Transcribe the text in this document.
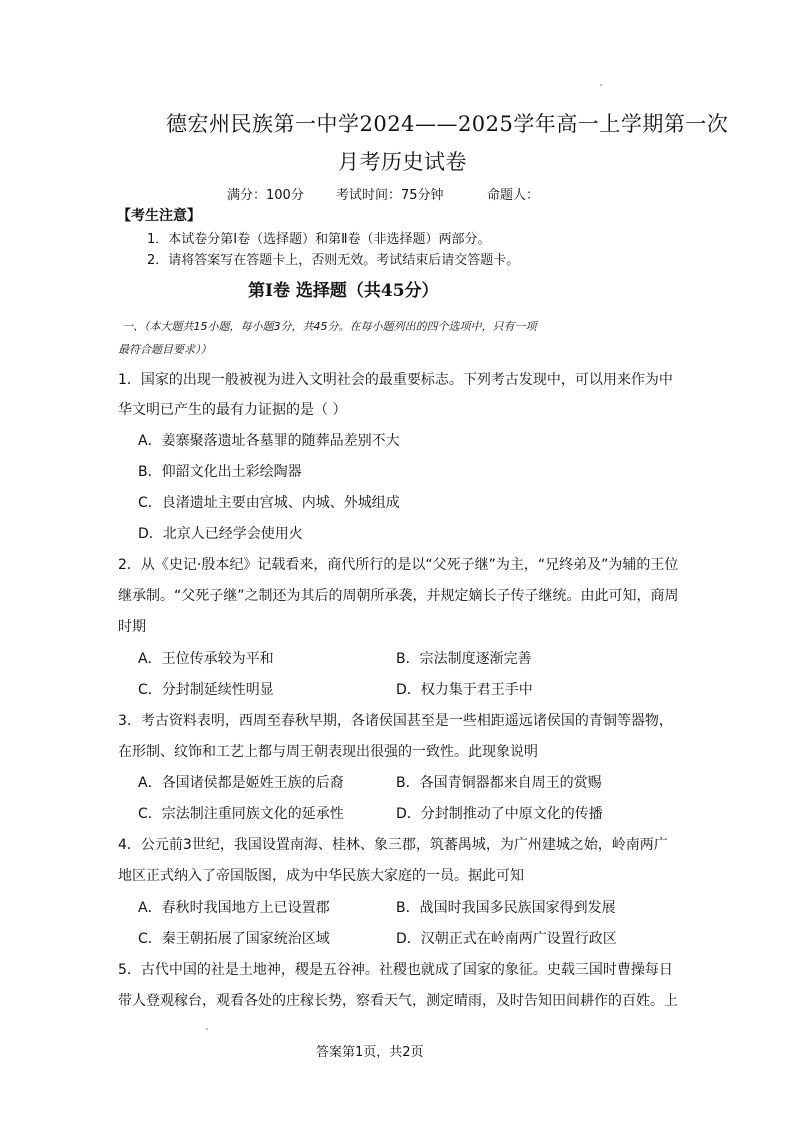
德宏州民族第一中学2024——2025学年高一上学期第一次
月考历史试卷
满分：100分 考试时间：75分钟	命题人：
【考生注意】
1．本试卷分第Ⅰ卷（选择题）和第Ⅱ卷（非选择题）两部分。
2．请将答案写在答题卡上，否则无效。考试结束后请交答题卡。
第Ⅰ卷 选择题（共45分）
一、（本大题共15小题，每小题3分，共45分。在每小题列出的四个选项中，只有一项
最符合题目要求））
1．国家的出现一般被视为进入文明社会的最重要标志。下列考古发现中，可以用来作为中
华文明已产生的最有力证据的是（ ）
A．姜寨聚落遗址各墓罪的随葬品差别不大
B．仰韶文化出土彩绘陶器
C．良渚遗址主要由宫城、内城、外城组成
D．北京人已经学会使用火
2．从《史记·殷本纪》记载看来，商代所行的是以“父死子继”为主，“兄终弟及”为辅的王位
继承制。“父死子继”之制还为其后的周朝所承袭，并规定嫡长子传子继统。由此可知，商周
时期
A．王位传承较为平和	B．宗法制度逐渐完善
C．分封制延续性明显	D．权力集于君王手中
3．考古资料表明，西周至春秋早期，各诸侯国甚至是一些相距遥远诸侯国的青铜等器物，
在形制、纹饰和工艺上都与周王朝表现出很强的一致性。此现象说明
A．各国诸侯都是姬姓王族的后裔	B．各国青铜器都来自周王的赏赐
C．宗法制注重同族文化的延承性	D．分封制推动了中原文化的传播
4．公元前3世纪，我国设置南海、桂林、象三郡，筑蕃禺城，为广州建城之始，岭南两广
地区正式纳入了帝国版图，成为中华民族大家庭的一员。据此可知
A．春秋时我国地方上已设置郡	B．战国时我国多民族国家得到发展
C．秦王朝拓展了国家统治区域	D．汉朝正式在岭南两广设置行政区
5．古代中国的社是土地神，稷是五谷神。社稷也就成了国家的象征。史载三国时曹操每日
带人登观稼台，观看各处的庄稼长势，察看天气，测定晴雨，及时告知田间耕作的百姓。上
答案第1页，共2页
